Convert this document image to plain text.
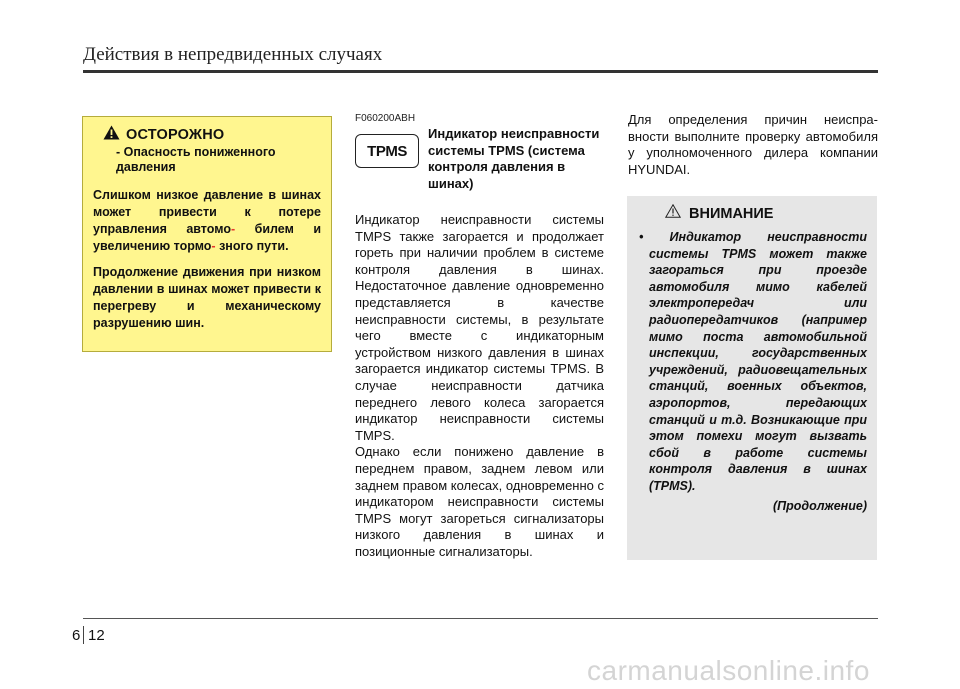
Действия в непредвиденных случаях
ОСТОРОЖНО
- Опасность пониженного давления
Слишком низкое давление в шинах может привести к потере управления автомо- билем и увеличению тормо- зного пути.
Продолжение движения при низком давлении в шинах может привести к перегреву и механическому разрушению шин.
F060200ABH
TPMS
Индикатор неисправности системы TPMS (система контроля давления в шинах)

Индикатор неисправности системы TMPS также загорается и продолжает гореть при наличии проблем в системе контроля давления в шинах. Недостаточное давление одновременно представляется в качестве неисправности системы, в результате чего вместе с индикаторным устройством низкого давления в шинах загорается индикатор системы TPMS. В случае неисправности датчика переднего левого колеса загорается индикатор неисправности системы TMPS.

Однако если понижено давление в переднем правом, заднем левом или заднем правом колесах, одновременно с индикатором неисправности системы TMPS могут загореться сигнализаторы низкого давления в шинах и позиционные сигнализаторы.

Для определения причин неиспра-вности выполните проверку автомобиля у уполномоченного дилера компании HYUNDAI.
ВНИМАНИЕ
• Индикатор неисправности системы TPMS может также загораться при проезде автомобиля мимо кабелей электропередач или радиопередатчиков (например мимо поста автомобильной инспекции, государственных учреждений, радиовещательных станций, военных объектов, аэропортов, передающих станций и т.д. Возникающие при этом помехи могут вызвать сбой в работе системы контроля давления в шинах (TPMS).
(Продолжение)
6 12
carmanualsonline.info
